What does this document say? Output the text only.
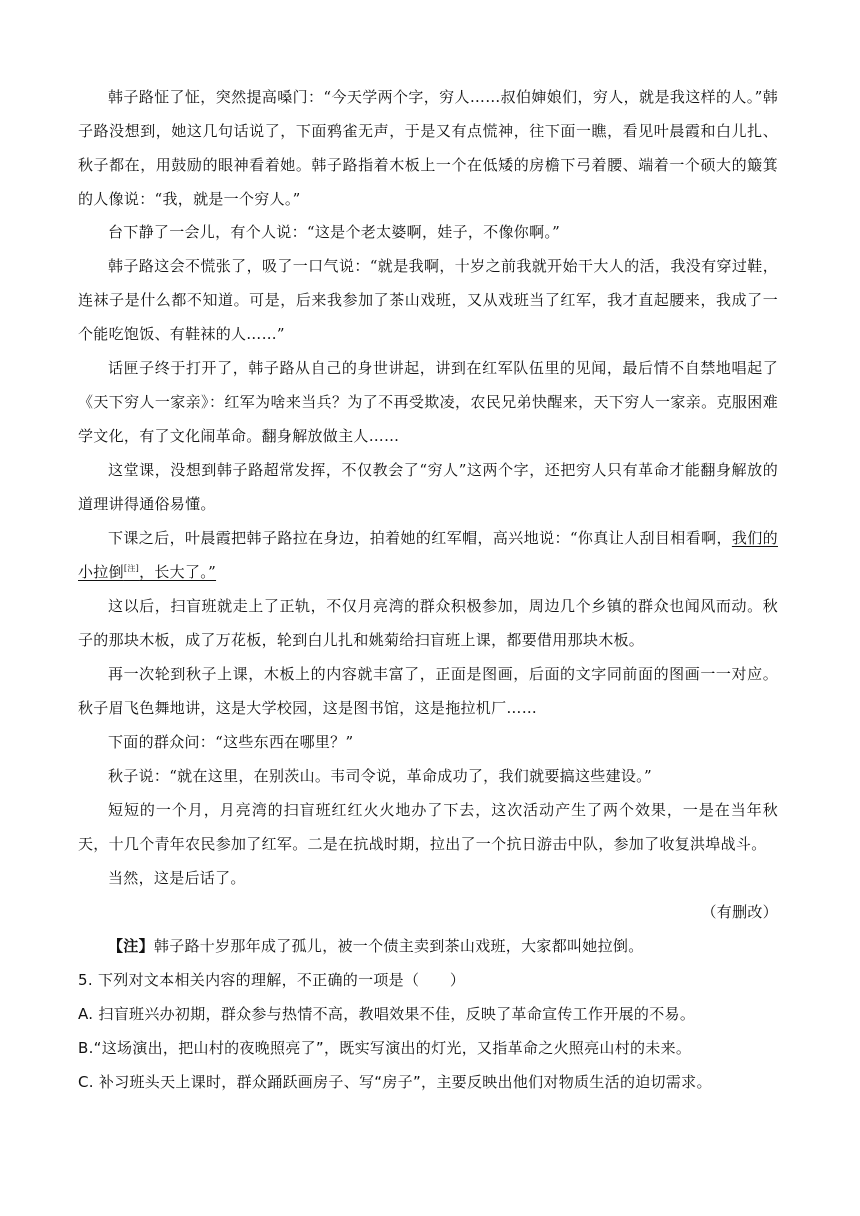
韩子路怔了怔，突然提高嗓门：“今天学两个字，穷人……叔伯婶娘们，穷人，就是我这样的人。”韩子路没想到，她这几句话说了，下面鸦雀无声，于是又有点慌神，往下面一瞧，看见叶晨霞和白儿扎、秋子都在，用鼓励的眼神看着她。韩子路指着木板上一个在低矮的房檐下弓着腰、端着一个硕大的簸箕的人像说：“我，就是一个穷人。”

台下静了一会儿，有个人说：“这是个老太婆啊，娃子，不像你啊。”

韩子路这会不慌张了，吸了一口气说：“就是我啊，十岁之前我就开始干大人的活，我没有穿过鞋，连袜子是什么都不知道。可是，后来我参加了茶山戏班，又从戏班当了红军，我才直起腰来，我成了一个能吃饱饭、有鞋袜的人……”

话匣子终于打开了，韩子路从自己的身世讲起，讲到在红军队伍里的见闻，最后情不自禁地唱起了《天下穷人一家亲》：红军为啥来当兵？为了不再受欺凌，农民兄弟快醒来，天下穷人一家亲。克服困难学文化，有了文化闹革命。翻身解放做主人……

这堂课，没想到韩子路超常发挥，不仅教会了“穷人”这两个字，还把穷人只有革命才能翻身解放的道理讲得通俗易懂。

下课之后，叶晨霞把韩子路拉在身边，拍着她的红军帽，高兴地说：“你真让人刮目相看啊，我们的小拉倒[注]，长大了。”

这以后，扫盲班就走上了正轨，不仅月亮湾的群众积极参加，周边几个乡镇的群众也闻风而动。秋子的那块木板，成了万花板，轮到白儿扎和姚菊给扫盲班上课，都要借用那块木板。

再一次轮到秋子上课，木板上的内容就丰富了，正面是图画，后面的文字同前面的图画一一对应。秋子眉飞色舞地讲，这是大学校园，这是图书馆，这是拖拉机厂……

下面的群众问：“这些东西在哪里？”

秋子说：“就在这里，在别茨山。韦司令说，革命成功了，我们就要搞这些建设。”

短短的一个月，月亮湾的扫盲班红红火火地办了下去，这次活动产生了两个效果，一是在当年秋天，十几个青年农民参加了红军。二是在抗战时期，拉出了一个抗日游击中队，参加了收复洪埠战斗。

当然，这是后话了。

（有删改）

【注】韩子路十岁那年成了孤儿，被一个债主卖到茶山戏班，大家都叫她拉倒。

5. 下列对文本相关内容的理解，不正确的一项是（　　）

A. 扫盲班兴办初期，群众参与热情不高，教唱效果不佳，反映了革命宣传工作开展的不易。

B.“这场演出，把山村的夜晚照亮了”，既实写演出的灯光，又指革命之火照亮山村的未来。

C. 补习班头天上课时，群众踊跃画房子、写“房子”，主要反映出他们对物质生活的迫切需求。
